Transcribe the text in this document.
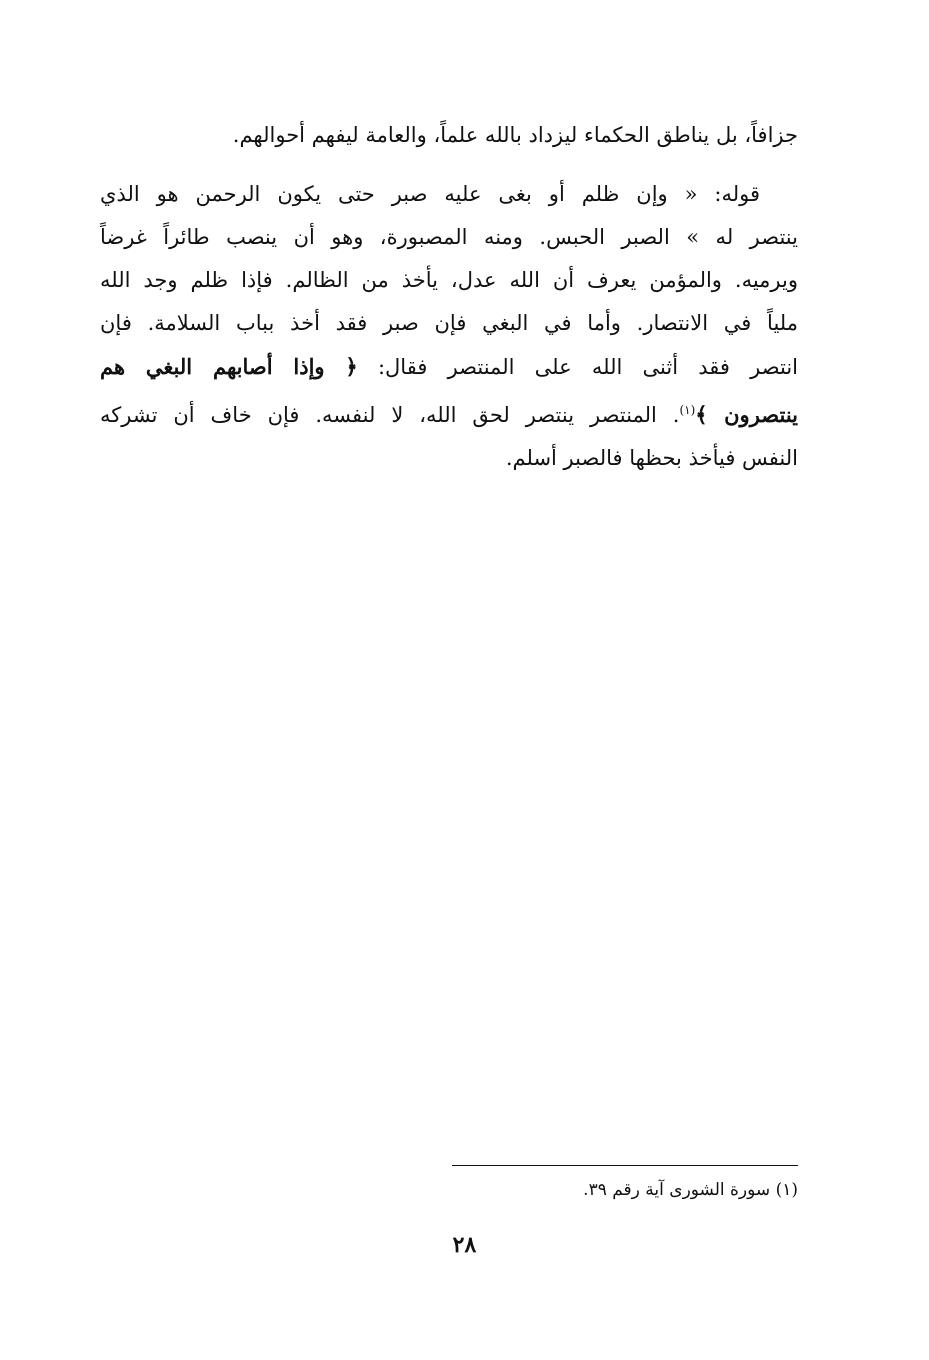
جزافاً، بل يناطق الحكماء ليزداد بالله علماً، والعامة ليفهم أحوالهم.
قوله: « وإن ظلم أو بغى عليه صبر حتى يكون الرحمن هو الذي
ينتصر له » الصبر الحبس. ومنه المصبورة، وهو أن ينصب طائراً غرضاً
ويرميه. والمؤمن يعرف أن الله عدل، يأخذ من الظالم. فإذا ظلم وجد الله
ملياً في الانتصار. وأما في البغي فإن صبر فقد أخذ بباب السلامة. فإن
انتصر فقد أثنى الله على المنتصر فقال: ﴿ وإذا أصابهم البغي هم
ينتصرون ﴾$^{(١)}$. المنتصر ينتصر لحق الله، لا لنفسه. فإن خاف أن تشركه
النفس فيأخذ بحظها فالصبر أسلم.
(١) سورة الشورى آية رقم ٣٩.
٢٨
